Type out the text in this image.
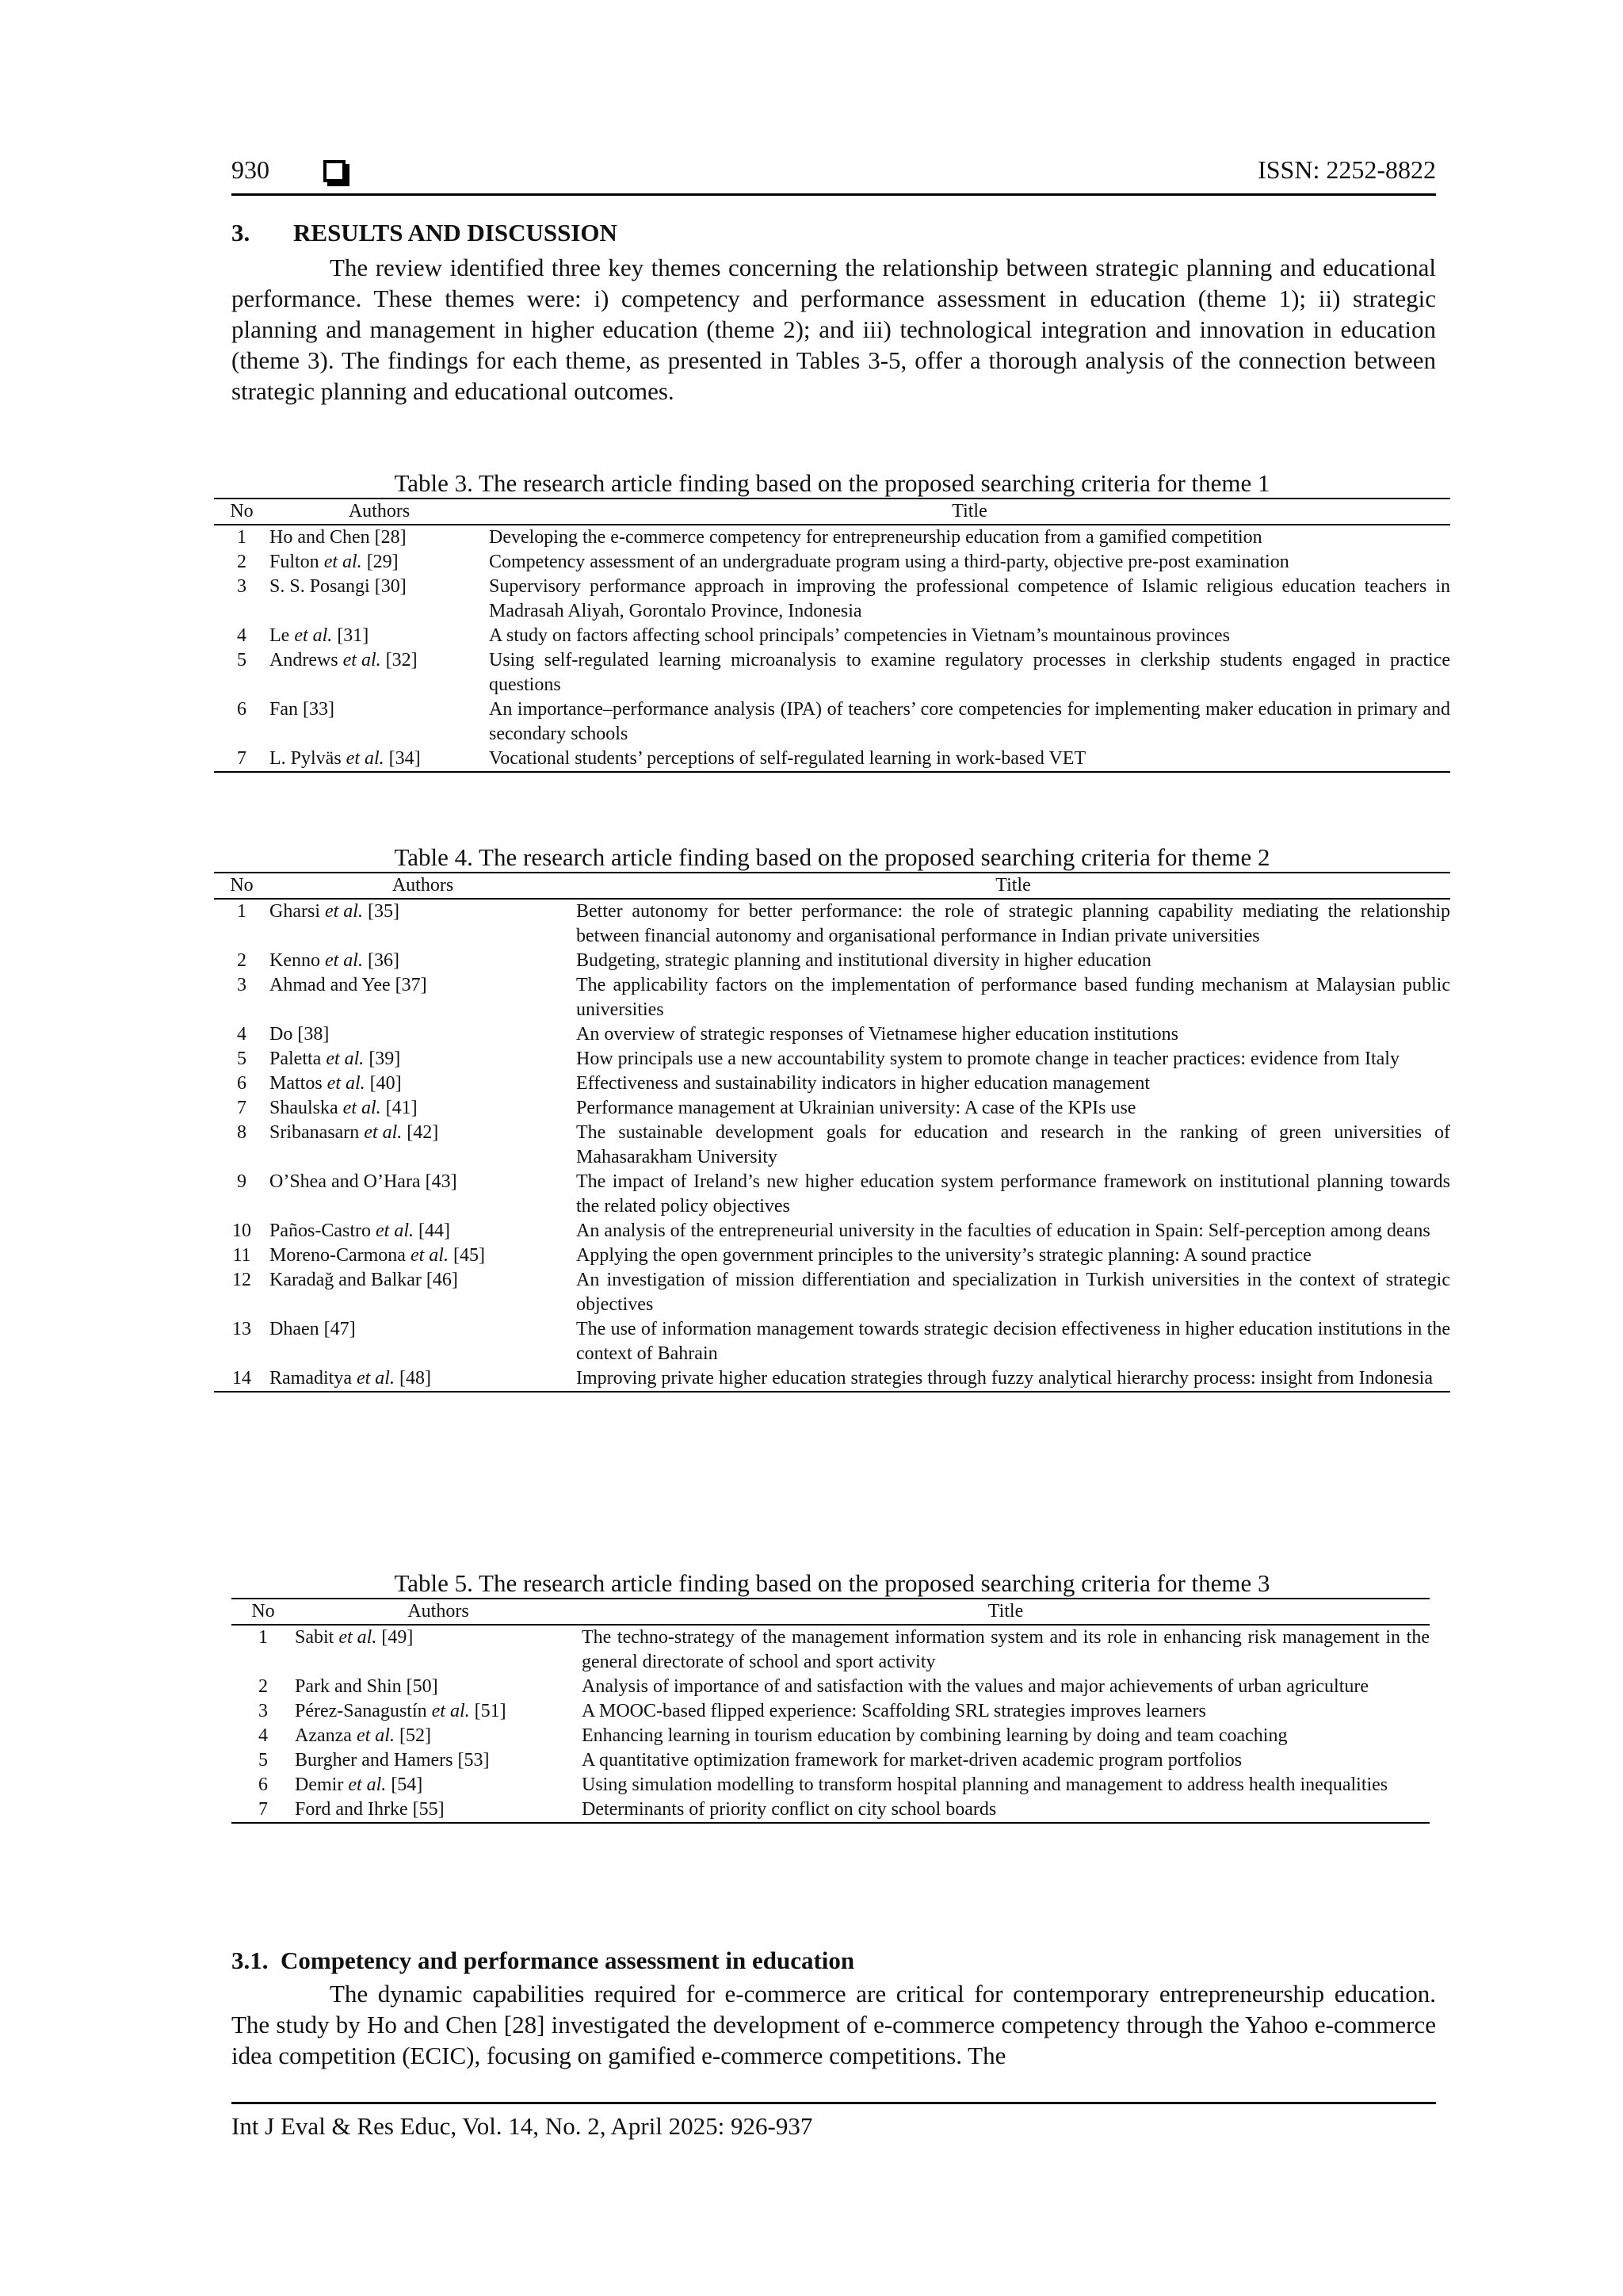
930	ISSN: 2252-8822
3. RESULTS AND DISCUSSION
The review identified three key themes concerning the relationship between strategic planning and educational performance. These themes were: i) competency and performance assessment in education (theme 1); ii) strategic planning and management in higher education (theme 2); and iii) technological integration and innovation in education (theme 3). The findings for each theme, as presented in Tables 3-5, offer a thorough analysis of the connection between strategic planning and educational outcomes.
Table 3. The research article finding based on the proposed searching criteria for theme 1
No	Authors	Title
1	Ho and Chen [28]	Developing the e-commerce competency for entrepreneurship education from a gamified competition
2	Fulton et al. [29]	Competency assessment of an undergraduate program using a third-party, objective pre-post examination
3	S. S. Posangi [30]	Supervisory performance approach in improving the professional competence of Islamic religious education teachers in Madrasah Aliyah, Gorontalo Province, Indonesia
4	Le et al. [31]	A study on factors affecting school principals’ competencies in Vietnam’s mountainous provinces
5	Andrews et al. [32]	Using self-regulated learning microanalysis to examine regulatory processes in clerkship students engaged in practice questions
6	Fan [33]	An importance–performance analysis (IPA) of teachers’ core competencies for implementing maker education in primary and secondary schools
7	L. Pylväs et al. [34]	Vocational students’ perceptions of self-regulated learning in work-based VET
Table 4. The research article finding based on the proposed searching criteria for theme 2
No	Authors	Title
1	Gharsi et al. [35]	Better autonomy for better performance: the role of strategic planning capability mediating the relationship between financial autonomy and organisational performance in Indian private universities
2	Kenno et al. [36]	Budgeting, strategic planning and institutional diversity in higher education
3	Ahmad and Yee [37]	The applicability factors on the implementation of performance based funding mechanism at Malaysian public universities
4	Do [38]	An overview of strategic responses of Vietnamese higher education institutions
5	Paletta et al. [39]	How principals use a new accountability system to promote change in teacher practices: evidence from Italy
6	Mattos et al. [40]	Effectiveness and sustainability indicators in higher education management
7	Shaulska et al. [41]	Performance management at Ukrainian university: A case of the KPIs use
8	Sribanasarn et al. [42]	The sustainable development goals for education and research in the ranking of green universities of Mahasarakham University
9	O’Shea and O’Hara [43]	The impact of Ireland’s new higher education system performance framework on institutional planning towards the related policy objectives
10	Paños-Castro et al. [44]	An analysis of the entrepreneurial university in the faculties of education in Spain: Self-perception among deans
11	Moreno-Carmona et al. [45]	Applying the open government principles to the university’s strategic planning: A sound practice
12	Karadağ and Balkar [46]	An investigation of mission differentiation and specialization in Turkish universities in the context of strategic objectives
13	Dhaen [47]	The use of information management towards strategic decision effectiveness in higher education institutions in the context of Bahrain
14	Ramaditya et al. [48]	Improving private higher education strategies through fuzzy analytical hierarchy process: insight from Indonesia
Table 5. The research article finding based on the proposed searching criteria for theme 3
No	Authors	Title
1	Sabit et al. [49]	The techno-strategy of the management information system and its role in enhancing risk management in the general directorate of school and sport activity
2	Park and Shin [50]	Analysis of importance of and satisfaction with the values and major achievements of urban agriculture
3	Pérez-Sanagustín et al. [51]	A MOOC-based flipped experience: Scaffolding SRL strategies improves learners
4	Azanza et al. [52]	Enhancing learning in tourism education by combining learning by doing and team coaching
5	Burgher and Hamers [53]	A quantitative optimization framework for market-driven academic program portfolios
6	Demir et al. [54]	Using simulation modelling to transform hospital planning and management to address health inequalities
7	Ford and Ihrke [55]	Determinants of priority conflict on city school boards
3.1. Competency and performance assessment in education
The dynamic capabilities required for e-commerce are critical for contemporary entrepreneurship education. The study by Ho and Chen [28] investigated the development of e-commerce competency through the Yahoo e-commerce idea competition (ECIC), focusing on gamified e-commerce competitions. The
Int J Eval & Res Educ, Vol. 14, No. 2, April 2025: 926-937
